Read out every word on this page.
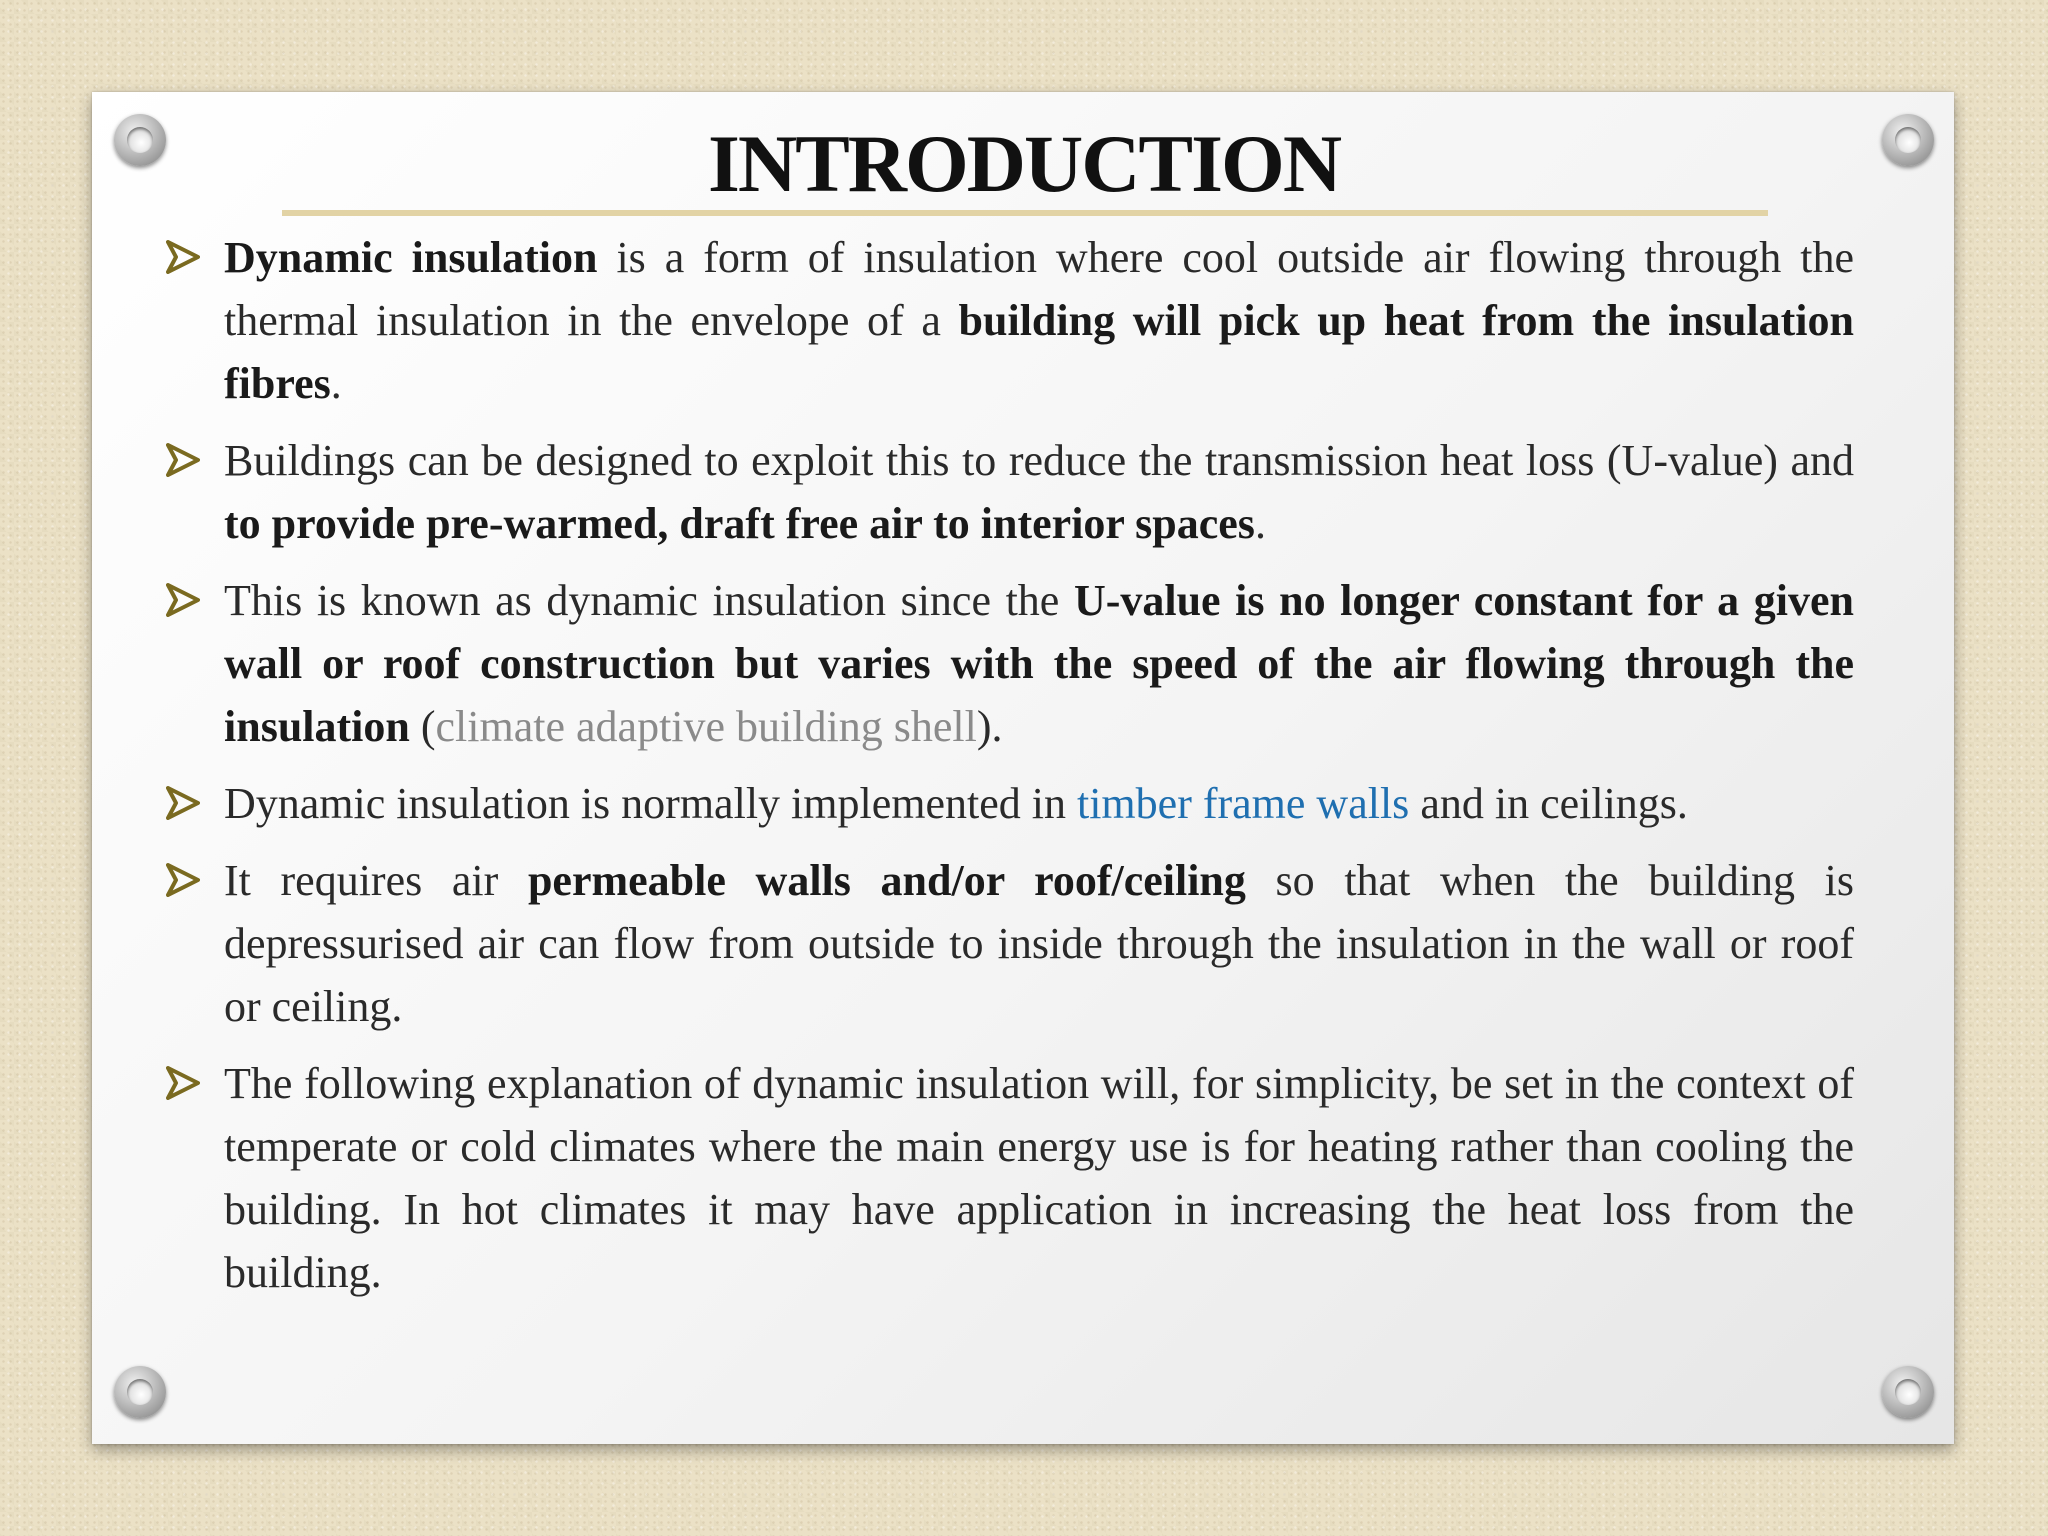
INTRODUCTION
Dynamic insulation is a form of insulation where cool outside air flowing through the thermal insulation in the envelope of a building will pick up heat from the insulation fibres.
Buildings can be designed to exploit this to reduce the transmission heat loss (U-value) and to provide pre-warmed, draft free air to interior spaces.
This is known as dynamic insulation since the U-value is no longer constant for a given wall or roof construction but varies with the speed of the air flowing through the insulation (climate adaptive building shell).
Dynamic insulation is normally implemented in timber frame walls and in ceilings.
It requires air permeable walls and/or roof/ceiling so that when the building is depressurised air can flow from outside to inside through the insulation in the wall or roof or ceiling.
The following explanation of dynamic insulation will, for simplicity, be set in the context of temperate or cold climates where the main energy use is for heating rather than cooling the building. In hot climates it may have application in increasing the heat loss from the building.
